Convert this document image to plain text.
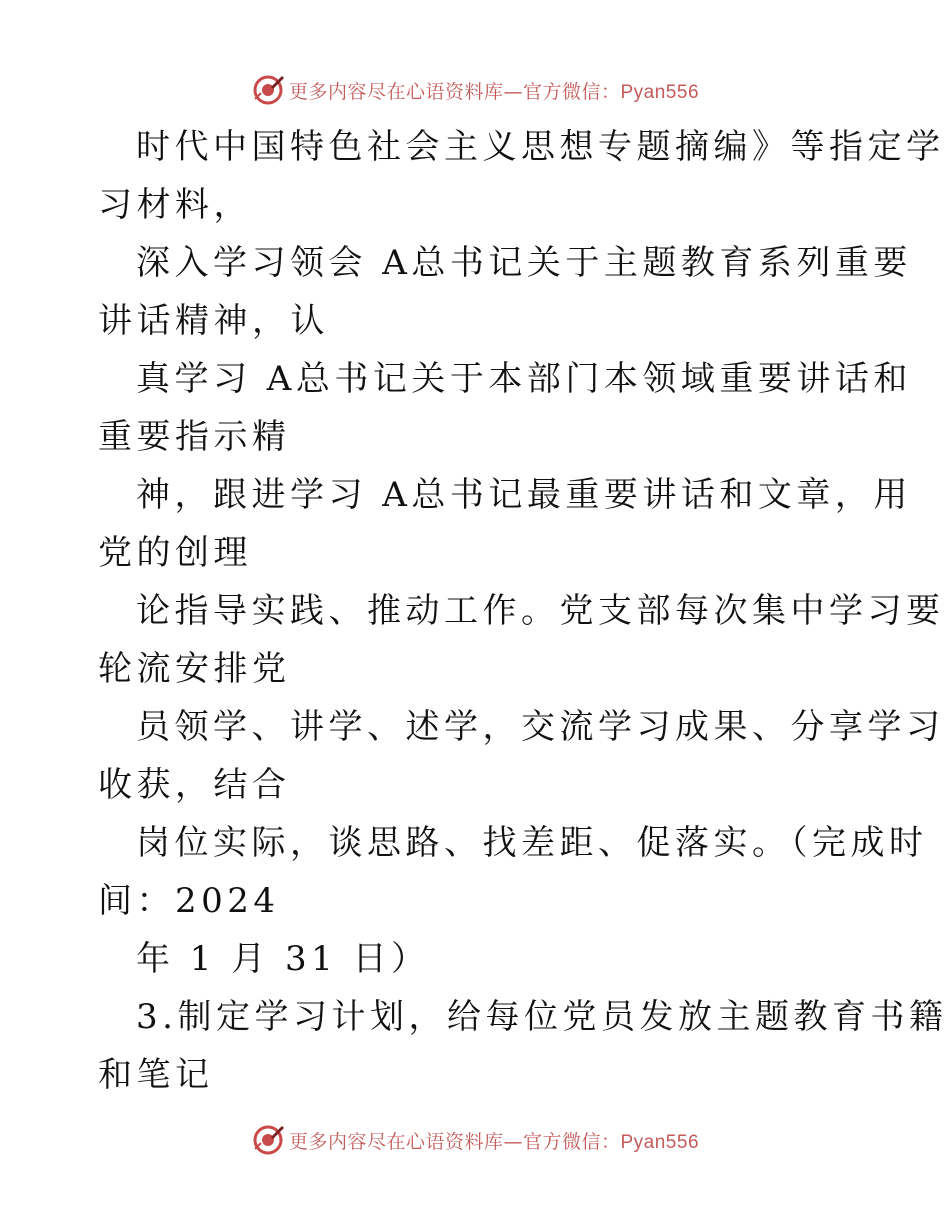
更多内容尽在心语资料库—官方微信：Pyan556
时代中国特色社会主义思想专题摘编》等指定学
习材料，
深入学习领会 A总书记关于主题教育系列重要
讲话精神，认
真学习 A总书记关于本部门本领域重要讲话和
重要指示精
神，跟进学习 A总书记最重要讲话和文章，用
党的创理
论指导实践、推动工作。党支部每次集中学习要
轮流安排党
员领学、讲学、述学，交流学习成果、分享学习
收获，结合
岗位实际，谈思路、找差距、促落实。（完成时
间：2024
年 1 月 31 日）
3.制定学习计划，给每位党员发放主题教育书籍
和笔记
更多内容尽在心语资料库—官方微信：Pyan556
